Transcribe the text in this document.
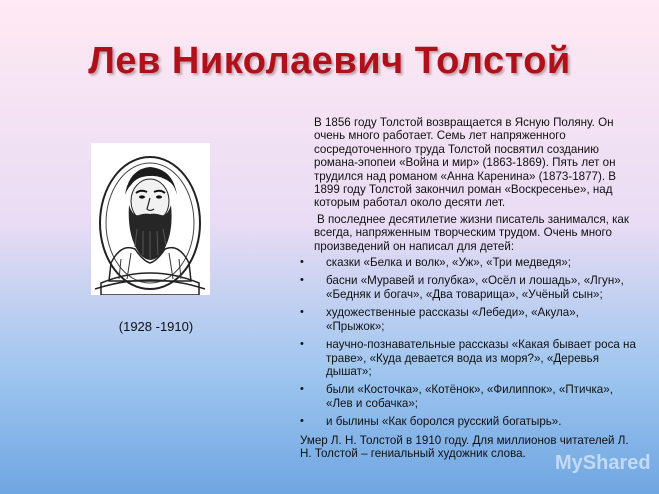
Лев Николаевич Толстой
(1928 -1910)

В 1856 году Толстой возвращается в Ясную Поляну. Он очень много работает. Семь лет напряженного сосредоточенного труда Толстой посвятил созданию романа-эпопеи «Война и мир» (1863-1869). Пять лет он трудился над романом «Анна Каренина» (1873-1877). В 1899 году Толстой закончил роман «Воскресенье», над которым работал около десяти лет.

В последнее десятилетие жизни писатель занимался, как всегда, напряженным творческим трудом. Очень много произведений он написал для детей:

• сказки «Белка и волк», «Уж», «Три медведя»;
• басни «Муравей и голубка», «Осёл и лошадь», «Лгун», «Бедняк и богач», «Два товарища», «Учёный сын»;
• художественные рассказы «Лебеди», «Акула», «Прыжок»;
• научно-познавательные рассказы «Какая бывает роса на траве», «Куда девается вода из моря?», «Деревья дышат»;
• были «Косточка», «Котёнок», «Филиппок», «Птичка», «Лев и собачка»;
• и былины «Как боролся русский богатырь».

Умер Л. Н. Толстой в 1910 году. Для миллионов читателей Л. Н. Толстой – гениальный художник слова.	MyShared
